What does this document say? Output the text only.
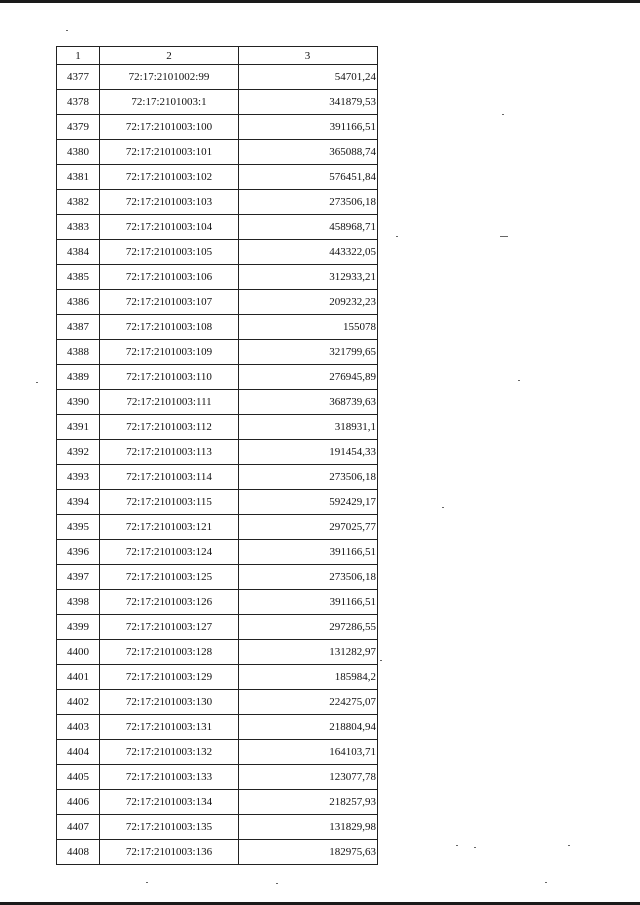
1	2	3
4377	72:17:2101002:99	54701,24
4378	72:17:2101003:1	341879,53
4379	72:17:2101003:100	391166,51
4380	72:17:2101003:101	365088,74
4381	72:17:2101003:102	576451,84
4382	72:17:2101003:103	273506,18
4383	72:17:2101003:104	458968,71
4384	72:17:2101003:105	443322,05
4385	72:17:2101003:106	312933,21
4386	72:17:2101003:107	209232,23
4387	72:17:2101003:108	155078
4388	72:17:2101003:109	321799,65
4389	72:17:2101003:110	276945,89
4390	72:17:2101003:111	368739,63
4391	72:17:2101003:112	318931,1
4392	72:17:2101003:113	191454,33
4393	72:17:2101003:114	273506,18
4394	72:17:2101003:115	592429,17
4395	72:17:2101003:121	297025,77
4396	72:17:2101003:124	391166,51
4397	72:17:2101003:125	273506,18
4398	72:17:2101003:126	391166,51
4399	72:17:2101003:127	297286,55
4400	72:17:2101003:128	131282,97
4401	72:17:2101003:129	185984,2
4402	72:17:2101003:130	224275,07
4403	72:17:2101003:131	218804,94
4404	72:17:2101003:132	164103,71
4405	72:17:2101003:133	123077,78
4406	72:17:2101003:134	218257,93
4407	72:17:2101003:135	131829,98
4408	72:17:2101003:136	182975,63
